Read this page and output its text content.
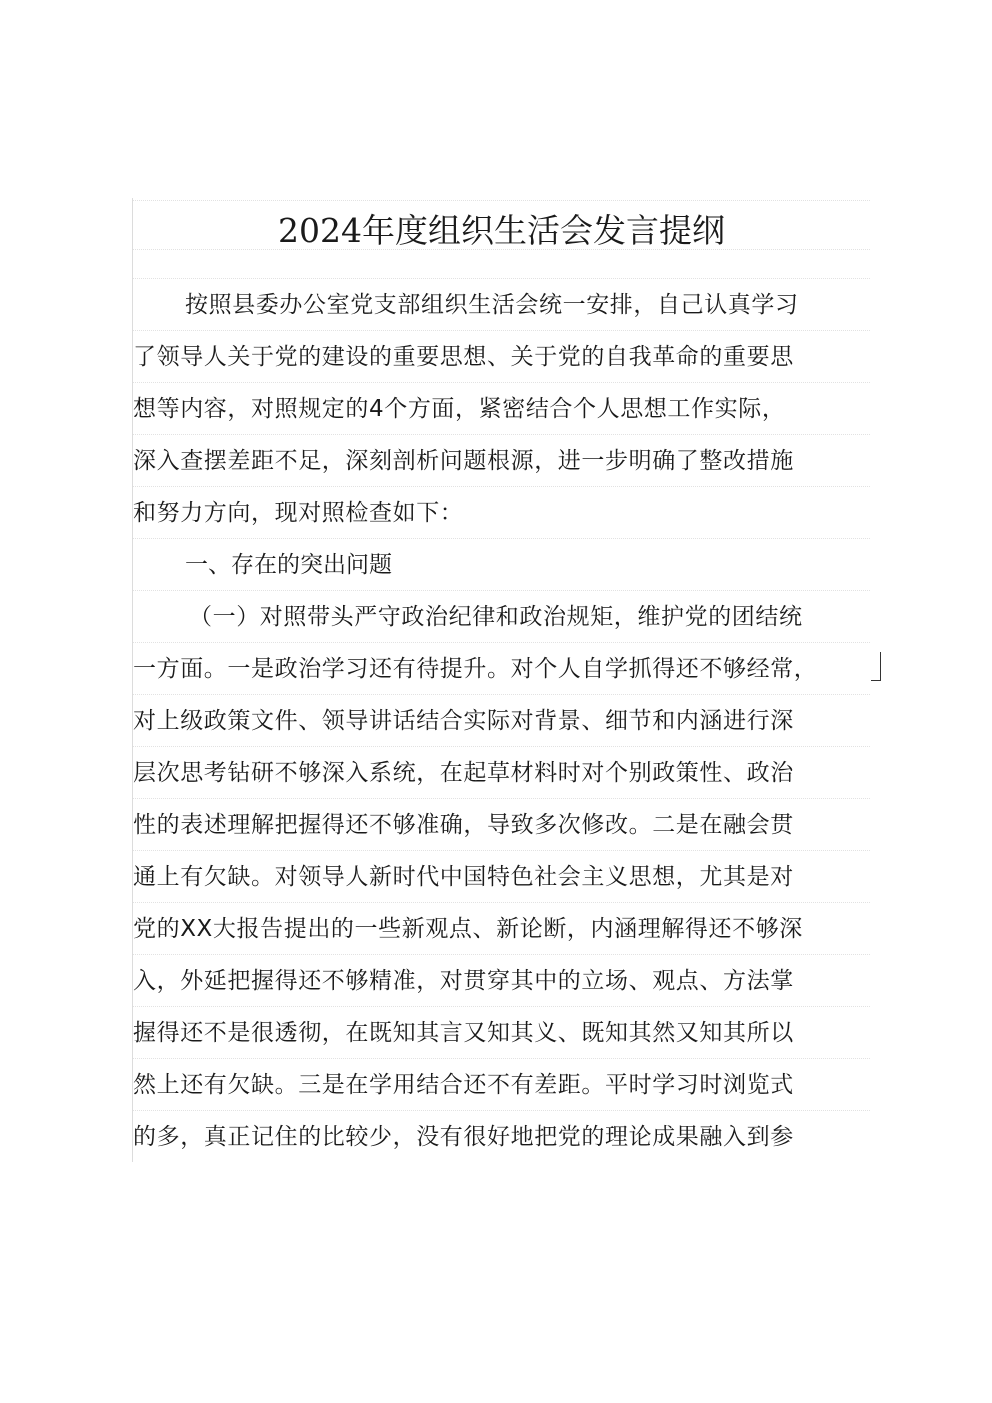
2024年度组织生活会发言提纲
按照县委办公室党支部组织生活会统一安排，自己认真学习
了领导人关于党的建设的重要思想、关于党的自我革命的重要思
想等内容，对照规定的4个方面，紧密结合个人思想工作实际，
深入查摆差距不足，深刻剖析问题根源，进一步明确了整改措施
和努力方向，现对照检查如下：
一、存在的突出问题
（一）对照带头严守政治纪律和政治规矩，维护党的团结统
一方面。一是政治学习还有待提升。对个人自学抓得还不够经常，
对上级政策文件、领导讲话结合实际对背景、细节和内涵进行深
层次思考钻研不够深入系统，在起草材料时对个别政策性、政治
性的表述理解把握得还不够准确，导致多次修改。二是在融会贯
通上有欠缺。对领导人新时代中国特色社会主义思想，尤其是对
党的XX大报告提出的一些新观点、新论断，内涵理解得还不够深
入，外延把握得还不够精准，对贯穿其中的立场、观点、方法掌
握得还不是很透彻，在既知其言又知其义、既知其然又知其所以
然上还有欠缺。三是在学用结合还不有差距。平时学习时浏览式
的多，真正记住的比较少，没有很好地把党的理论成果融入到参
